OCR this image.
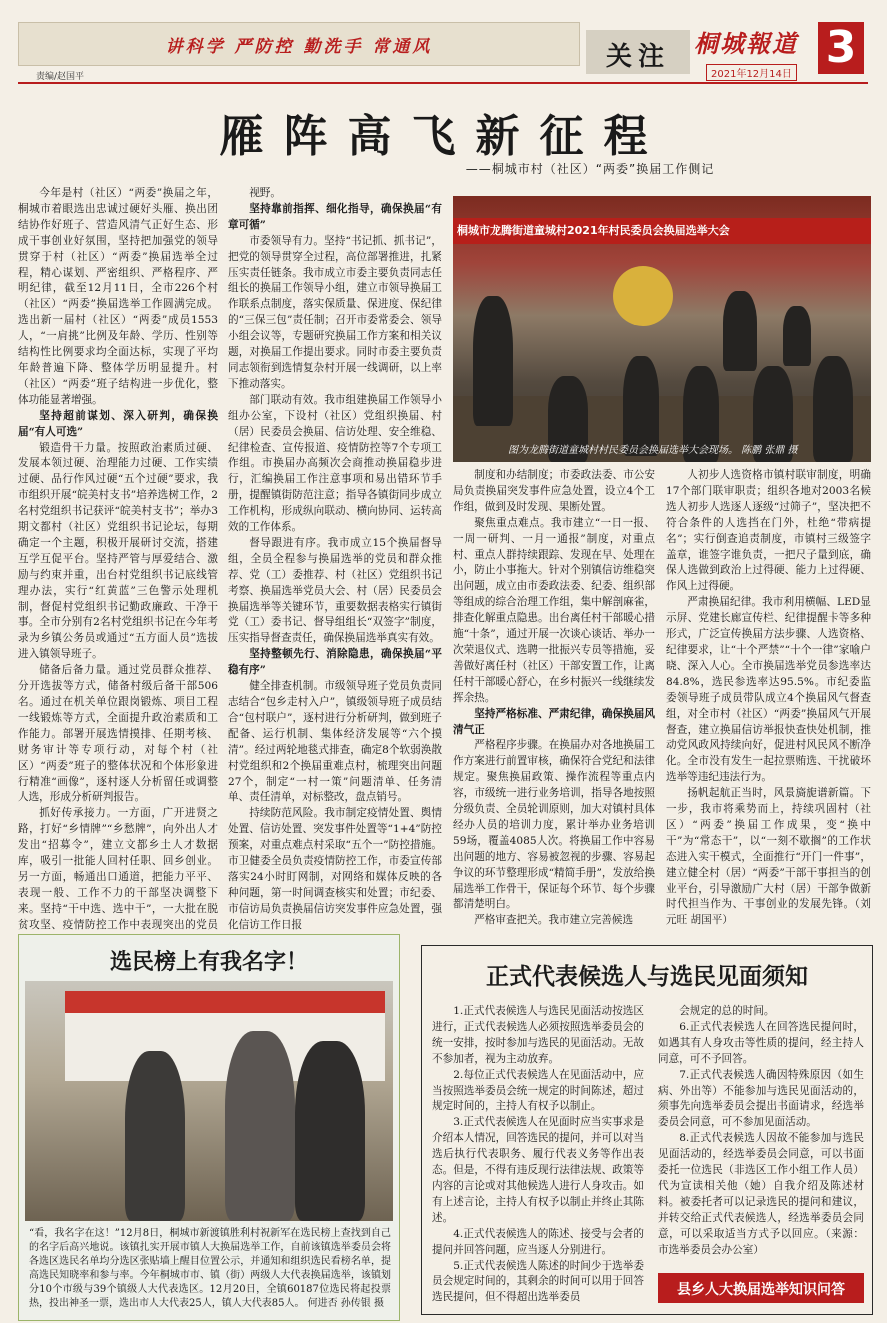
讲科学 严防控 勤洗手 常通风
责编/赵国平
关注	桐城報道
2021年12月14日
3
雁阵高飞新征程
——桐城市村（社区）“两委”换届工作侧记

今年是村（社区）“两委”换届之年，桐城市着眼选出忠诚过硬好头雁、换出团结协作好班子、营造风清气正好生态、形成干事创业好氛围，坚持把加强党的领导贯穿于村（社区）“两委”换届选举全过程，精心谋划、严密组织、严格程序、严明纪律，截至12月11日，全市226个村（社区）“两委”换届选举工作圆满完成。选出新一届村（社区）“两委”成员1553人，“一肩挑”比例及年龄、学历、性别等结构性比例要求均全面达标，实现了平均年龄普遍下降、整体学历明显提升。村（社区）“两委”班子结构进一步优化，整体功能显著增强。

坚持超前谋划、深入研判，确保换届“有人可选”

锻造骨干力量。按照政治素质过硬、发展本领过硬、治理能力过硬、工作实绩过硬、品行作风过硬“五个过硬”要求，我市组织开展“皖美村支书”培养选树工作，2名村党组织书记获评“皖美村支书”；举办3期文都村（社区）党组织书记论坛，每期确定一个主题，积极开展研讨交流，搭建互学互促平台。坚持严管与厚爱结合、激励与约束并重，出台村党组织书记底线管理办法，实行“红黄蓝”三色警示处理机制，督促村党组织书记勤政廉政、干净干事。全市分别有2名村党组织书记在今年考录为乡镇公务员或通过“五方面人员”选拔进入镇领导班子。

储备后备力量。通过党员群众推荐、分开选拔等方式，储备村级后备干部506名。通过在机关单位跟岗锻炼、项目工程一线锻炼等方式，全面提升政治素质和工作能力。部署开展选情摸排、任期考核、财务审计等专项行动，对每个村（社区）“两委”班子的整体状况和个体形象进行精准“画像”，逐村逐人分析留任或调整人选，形成分析研判报告。

抓好传承接力。一方面，广开进贤之路，打好“乡情牌”“乡愁牌”，向外出人才发出“招募令”，建立文都乡土人才数据库，吸引一批能人回村任职、回乡创业。另一方面，畅通出口通道，把能力平平、表现一般、工作不力的干部坚决调整下来。坚持“干中选、选中干”，一大批在脱贫攻坚、疫情防控工作中表现突出的党员

视野。

坚持靠前指挥、细化指导，确保换届“有章可循”

市委领导有力。坚持“书记抓、抓书记”，把党的领导贯穿全过程，高位部署推进，扎紧压实责任链条。我市成立市委主要负责同志任组长的换届工作领导小组，建立市领导换届工作联系点制度，落实保质量、保进度、保纪律的“三保三包”责任制；召开市委常委会、领导小组会议等，专题研究换届工作方案和相关议题，对换届工作提出要求。同时市委主要负责同志领衔到选情复杂村开展一线调研，以上率下推动落实。

部门联动有效。我市组建换届工作领导小组办公室，下设村（社区）党组织换届、村（居）民委员会换届、信访处理、安全维稳、纪律检查、宣传报道、疫情防控等7个专项工作组。市换届办高频次会商推动换届稳步进行，汇编换届工作注意事项和易出错环节手册，提醒镇街防范注意；指导各镇街同步成立工作机构，形成纵向联动、横向协同、运转高效的工作体系。

督导跟进有序。我市成立15个换届督导组，全员全程参与换届选举的党员和群众推荐、党（工）委推荐、村（社区）党组织书记考察、换届选举党员大会、村（居）民委员会换届选举等关键环节，重要数据表格实行镇街党（工）委书记、督导组组长“双签字”制度，压实指导督查责任，确保换届选举真实有效。

坚持整顿先行、消除隐患，确保换届“平稳有序”

健全排查机制。市级领导班子党员负责同志结合“包乡走村入户”，镇级领导班子成员结合“包村联户”，逐村进行分析研判，做到班子配备、运行机制、集体经济发展等“六个摸清”。经过两轮地毯式排查，确定8个软弱涣散村党组织和2个换届重难点村，梳理突出问题27个，制定“一村一策”问题清单、任务清单、责任清单，对标整改，盘点销号。

持续防范风险。我市制定疫情处置、舆情处置、信访处置、突发事件处置等“1+4”防控预案，对重点难点村采取“五个一”防控措施。市卫健委全员负责疫情防控工作，市委宣传部落实24小时盯网制，对网络和媒体反映的各种问题，第一时间调查核实和处置；市纪委、市信访局负责换届信访突发事件应急处置，强化信访工作日报

制度和办结制度；市委政法委、市公安局负责换届突发事件应急处置，设立4个工作组，做到及时发现、果断处置。

聚焦重点难点。我市建立“一日一报、一周一研判、一月一通报”制度，对重点村、重点人群持续跟踪、发现在早、处理在小，防止小事拖大。针对个别镇信访维稳突出问题，成立由市委政法委、纪委、组织部等组成的综合治理工作组，集中解剖麻雀，排查化解重点隐患。出台离任村干部暖心措施“十条”，通过开展一次谈心谈话、举办一次荣退仪式、选聘一批振兴专员等措施，妥善做好离任村（社区）干部安置工作，让离任村干部暖心舒心，在乡村振兴一线继续发挥余热。

坚持严格标准、严肃纪律，确保换届风清气正

严格程序步骤。在换届办对各地换届工作方案进行前置审核，确保符合党纪和法律规定。聚焦换届政策、操作流程等重点内容，市级统一进行业务培训，指导各地按照分级负责、全员轮训原则，加大对镇村具体经办人员的培训力度，累计举办业务培训59场，覆盖4085人次。将换届工作中容易出问题的地方、容易被忽视的步骤、容易起争议的环节整理形成“精简手册”，发放给换届选举工作骨干，保证每个环节、每个步骤都清楚明白。

严格审查把关。我市建立完善候选

人初步人选资格市镇村联审制度，明确17个部门联审职责；组织各地对2003名候选人初步人选逐人逐级“过筛子”，坚决把不符合条件的人选挡在门外，杜绝“带病提名”；实行倒查追责制度，市镇村三级签字盖章，谁签字谁负责，一把尺子量到底，确保人选做到政治上过得硬、能力上过得硬、作风上过得硬。

严肃换届纪律。我市利用横幅、LED显示屏、党建长廊宣传栏、纪律提醒卡等多种形式，广泛宣传换届方法步骤、人选资格、纪律要求，让“十个严禁”“十个一律”家喻户晓、深入人心。全市换届选举党员参选率达84.8%，选民参选率达95.5%。市纪委监委领导班子成员带队成立4个换届风气督查组，对全市村（社区）“两委”换届风气开展督查，建立换届信访举报快查快处机制，推动党风政风持续向好，促进村风民风不断净化。全市没有发生一起拉票贿选、干扰破坏选举等违纪违法行为。

扬帆起航正当时，风景旖旎谱新篇。下一步，我市将乘势而上，持续巩固村（社区）“两委”换届工作成果，变“换中干”为“常态干”，以“一刻不歇搁”的工作状态进入实干模式，全面推行“开门一件事”，建立健全村（居）“两委”干部干事担当的创业平台，引导激励广大村（居）干部争做新时代担当作为、干事创业的发展先锋。（刘元旺 胡国平）

桐城市龙腾街道童城村2021年村民委员会换届选举大会
图为龙腾街道童城村村民委员会换届选举大会现场。 陈鹏 张鼎 摄
选民榜上有我名字！
“看，我名字在这！”12月8日，桐城市新渡镇胜利村祝新军在选民榜上查找到自己的名字后高兴地说。该镇扎实开展市镇人大换届选举工作，自前该镇选举委员会将各选区选民名单均分选区张贴墙上醒目位置公示，并通知和组织选民看榜名单，提高选民知晓率和参与率。今年桐城市市、镇（街）两级人大代表换届选举，该镇划分10个市级与39个镇级人大代表选区。12月20日，全镇60187位选民将起投票热，投出神圣一票，选出市人大代表25人，镇人大代表85人。 何进否 孙传银 摄
正式代表候选人与选民见面须知

1.正式代表候选人与选民见面活动按选区进行，正式代表候选人必须按照选举委员会的统一安排，按时参加与选民的见面活动。无故不参加者，视为主动放弃。

2.每位正式代表候选人在见面活动中，应当按照选举委员会统一规定的时间陈述，超过规定时间的，主持人有权予以制止。

3.正式代表候选人在见面时应当实事求是介绍本人情况，回答选民的提问，并可以对当选后执行代表职务、履行代表义务等作出表态。但是，不得有违反现行法律法规、政策等内容的言论或对其他候选人进行人身攻击。如有上述言论，主持人有权予以制止并终止其陈述。

4.正式代表候选人的陈述、接受与会者的提问并回答问题，应当逐人分别进行。

5.正式代表候选人陈述的时间少于选举委员会规定时间的，其剩余的时间可以用于回答选民提问，但不得超出选举委员

会规定的总的时间。

6.正式代表候选人在回答选民提问时，如遇其有人身攻击等性质的提问，经主持人同意，可不予回答。

7.正式代表候选人确因特殊原因（如生病、外出等）不能参加与选民见面活动的，须事先向选举委员会提出书面请求，经选举委员会同意，可不参加见面活动。

8.正式代表候选人因故不能参加与选民见面活动的，经选举委员会同意，可以书面委托一位选民（非选区工作小组工作人员）代为宣读相关他（她）自我介绍及陈述材料。被委托者可以记录选民的提问和建议，并转交给正式代表候选人，经选举委员会同意，可以采取适当方式予以回应。（来源：市选举委员会办公室）

县乡人大换届选举知识问答
